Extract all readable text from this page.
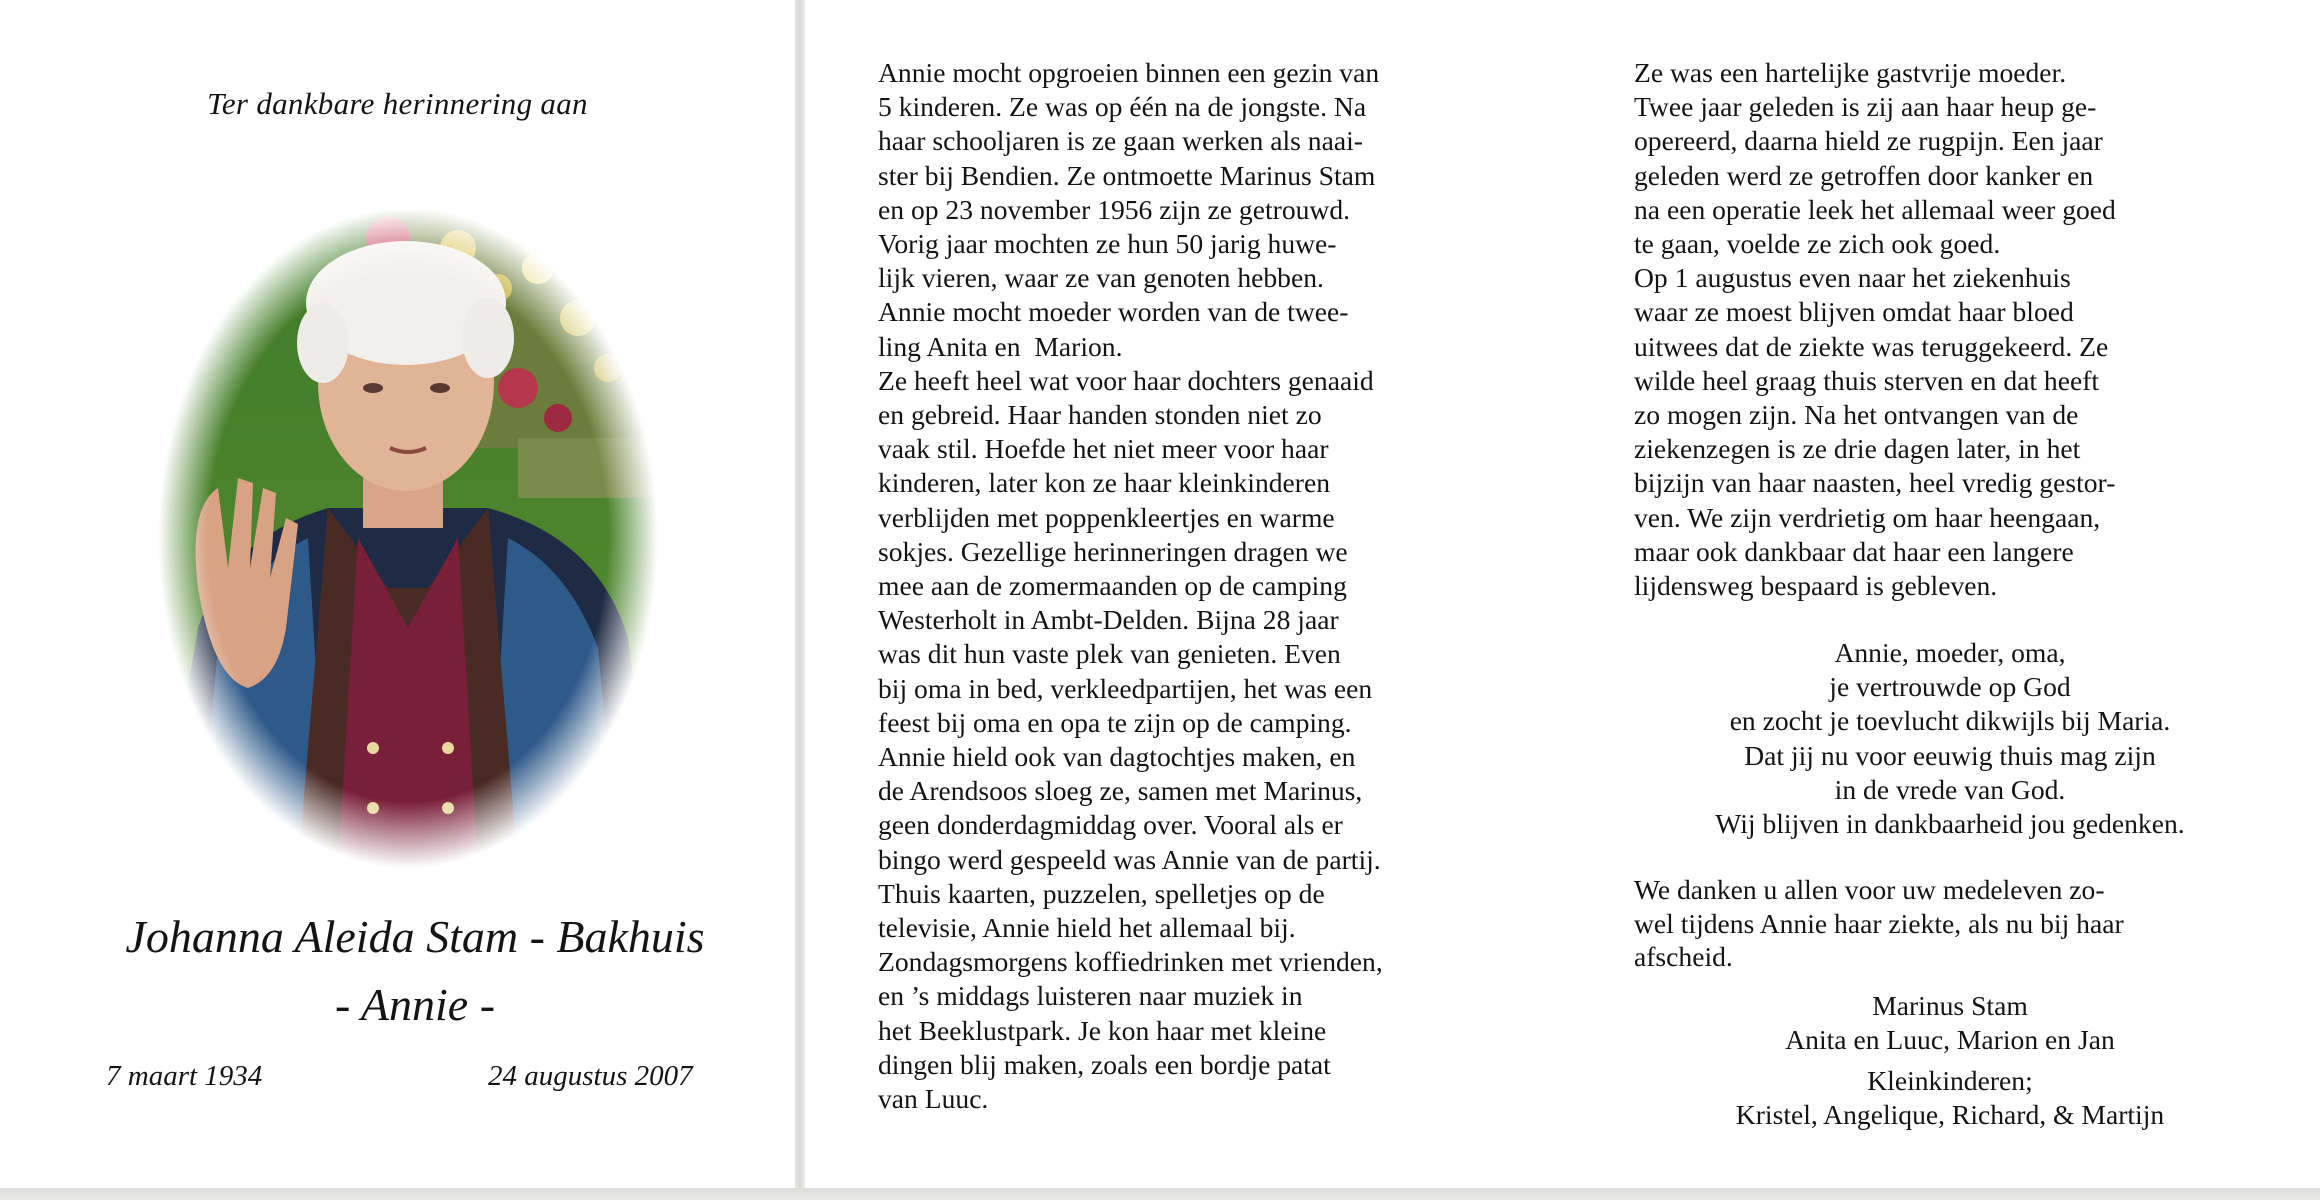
Ter dankbare herinnering aan
Johanna Aleida Stam - Bakhuis
- Annie -
7 maart 1934	24 augustus 2007
Annie mocht opgroeien binnen een gezin van
5 kinderen. Ze was op één na de jongste. Na
haar schooljaren is ze gaan werken als naai-
ster bij Bendien. Ze ontmoette Marinus Stam
en op 23 november 1956 zijn ze getrouwd.
Vorig jaar mochten ze hun 50 jarig huwe-
lijk vieren, waar ze van genoten hebben.
Annie mocht moeder worden van de twee-
ling Anita en  Marion.
Ze heeft heel wat voor haar dochters genaaid
en gebreid. Haar handen stonden niet zo
vaak stil. Hoefde het niet meer voor haar
kinderen, later kon ze haar kleinkinderen
verblijden met poppenkleertjes en warme
sokjes. Gezellige herinneringen dragen we
mee aan de zomermaanden op de camping
Westerholt in Ambt-Delden. Bijna 28 jaar
was dit hun vaste plek van genieten. Even
bij oma in bed, verkleedpartijen, het was een
feest bij oma en opa te zijn op de camping.
Annie hield ook van dagtochtjes maken, en
de Arendsoos sloeg ze, samen met Marinus,
geen donderdagmiddag over. Vooral als er
bingo werd gespeeld was Annie van de partij.
Thuis kaarten, puzzelen, spelletjes op de
televisie, Annie hield het allemaal bij.
Zondagsmorgens koffiedrinken met vrienden,
en ’s middags luisteren naar muziek in
het Beeklustpark. Je kon haar met kleine
dingen blij maken, zoals een bordje patat
van Luuc.
Ze was een hartelijke gastvrije moeder.
Twee jaar geleden is zij aan haar heup ge-
opereerd, daarna hield ze rugpijn. Een jaar
geleden werd ze getroffen door kanker en
na een operatie leek het allemaal weer goed
te gaan, voelde ze zich ook goed.
Op 1 augustus even naar het ziekenhuis
waar ze moest blijven omdat haar bloed
uitwees dat de ziekte was teruggekeerd. Ze
wilde heel graag thuis sterven en dat heeft
zo mogen zijn. Na het ontvangen van de
ziekenzegen is ze drie dagen later, in het
bijzijn van haar naasten, heel vredig gestor-
ven. We zijn verdrietig om haar heengaan,
maar ook dankbaar dat haar een langere
lijdensweg bespaard is gebleven.
Annie, moeder, oma,
je vertrouwde op God
en zocht je toevlucht dikwijls bij Maria.
Dat jij nu voor eeuwig thuis mag zijn
in de vrede van God.
Wij blijven in dankbaarheid jou gedenken.
We danken u allen voor uw medeleven zo-
wel tijdens Annie haar ziekte, als nu bij haar
afscheid.
Marinus Stam
Anita en Luuc, Marion en Jan
Kleinkinderen;
Kristel, Angelique, Richard, & Martijn
